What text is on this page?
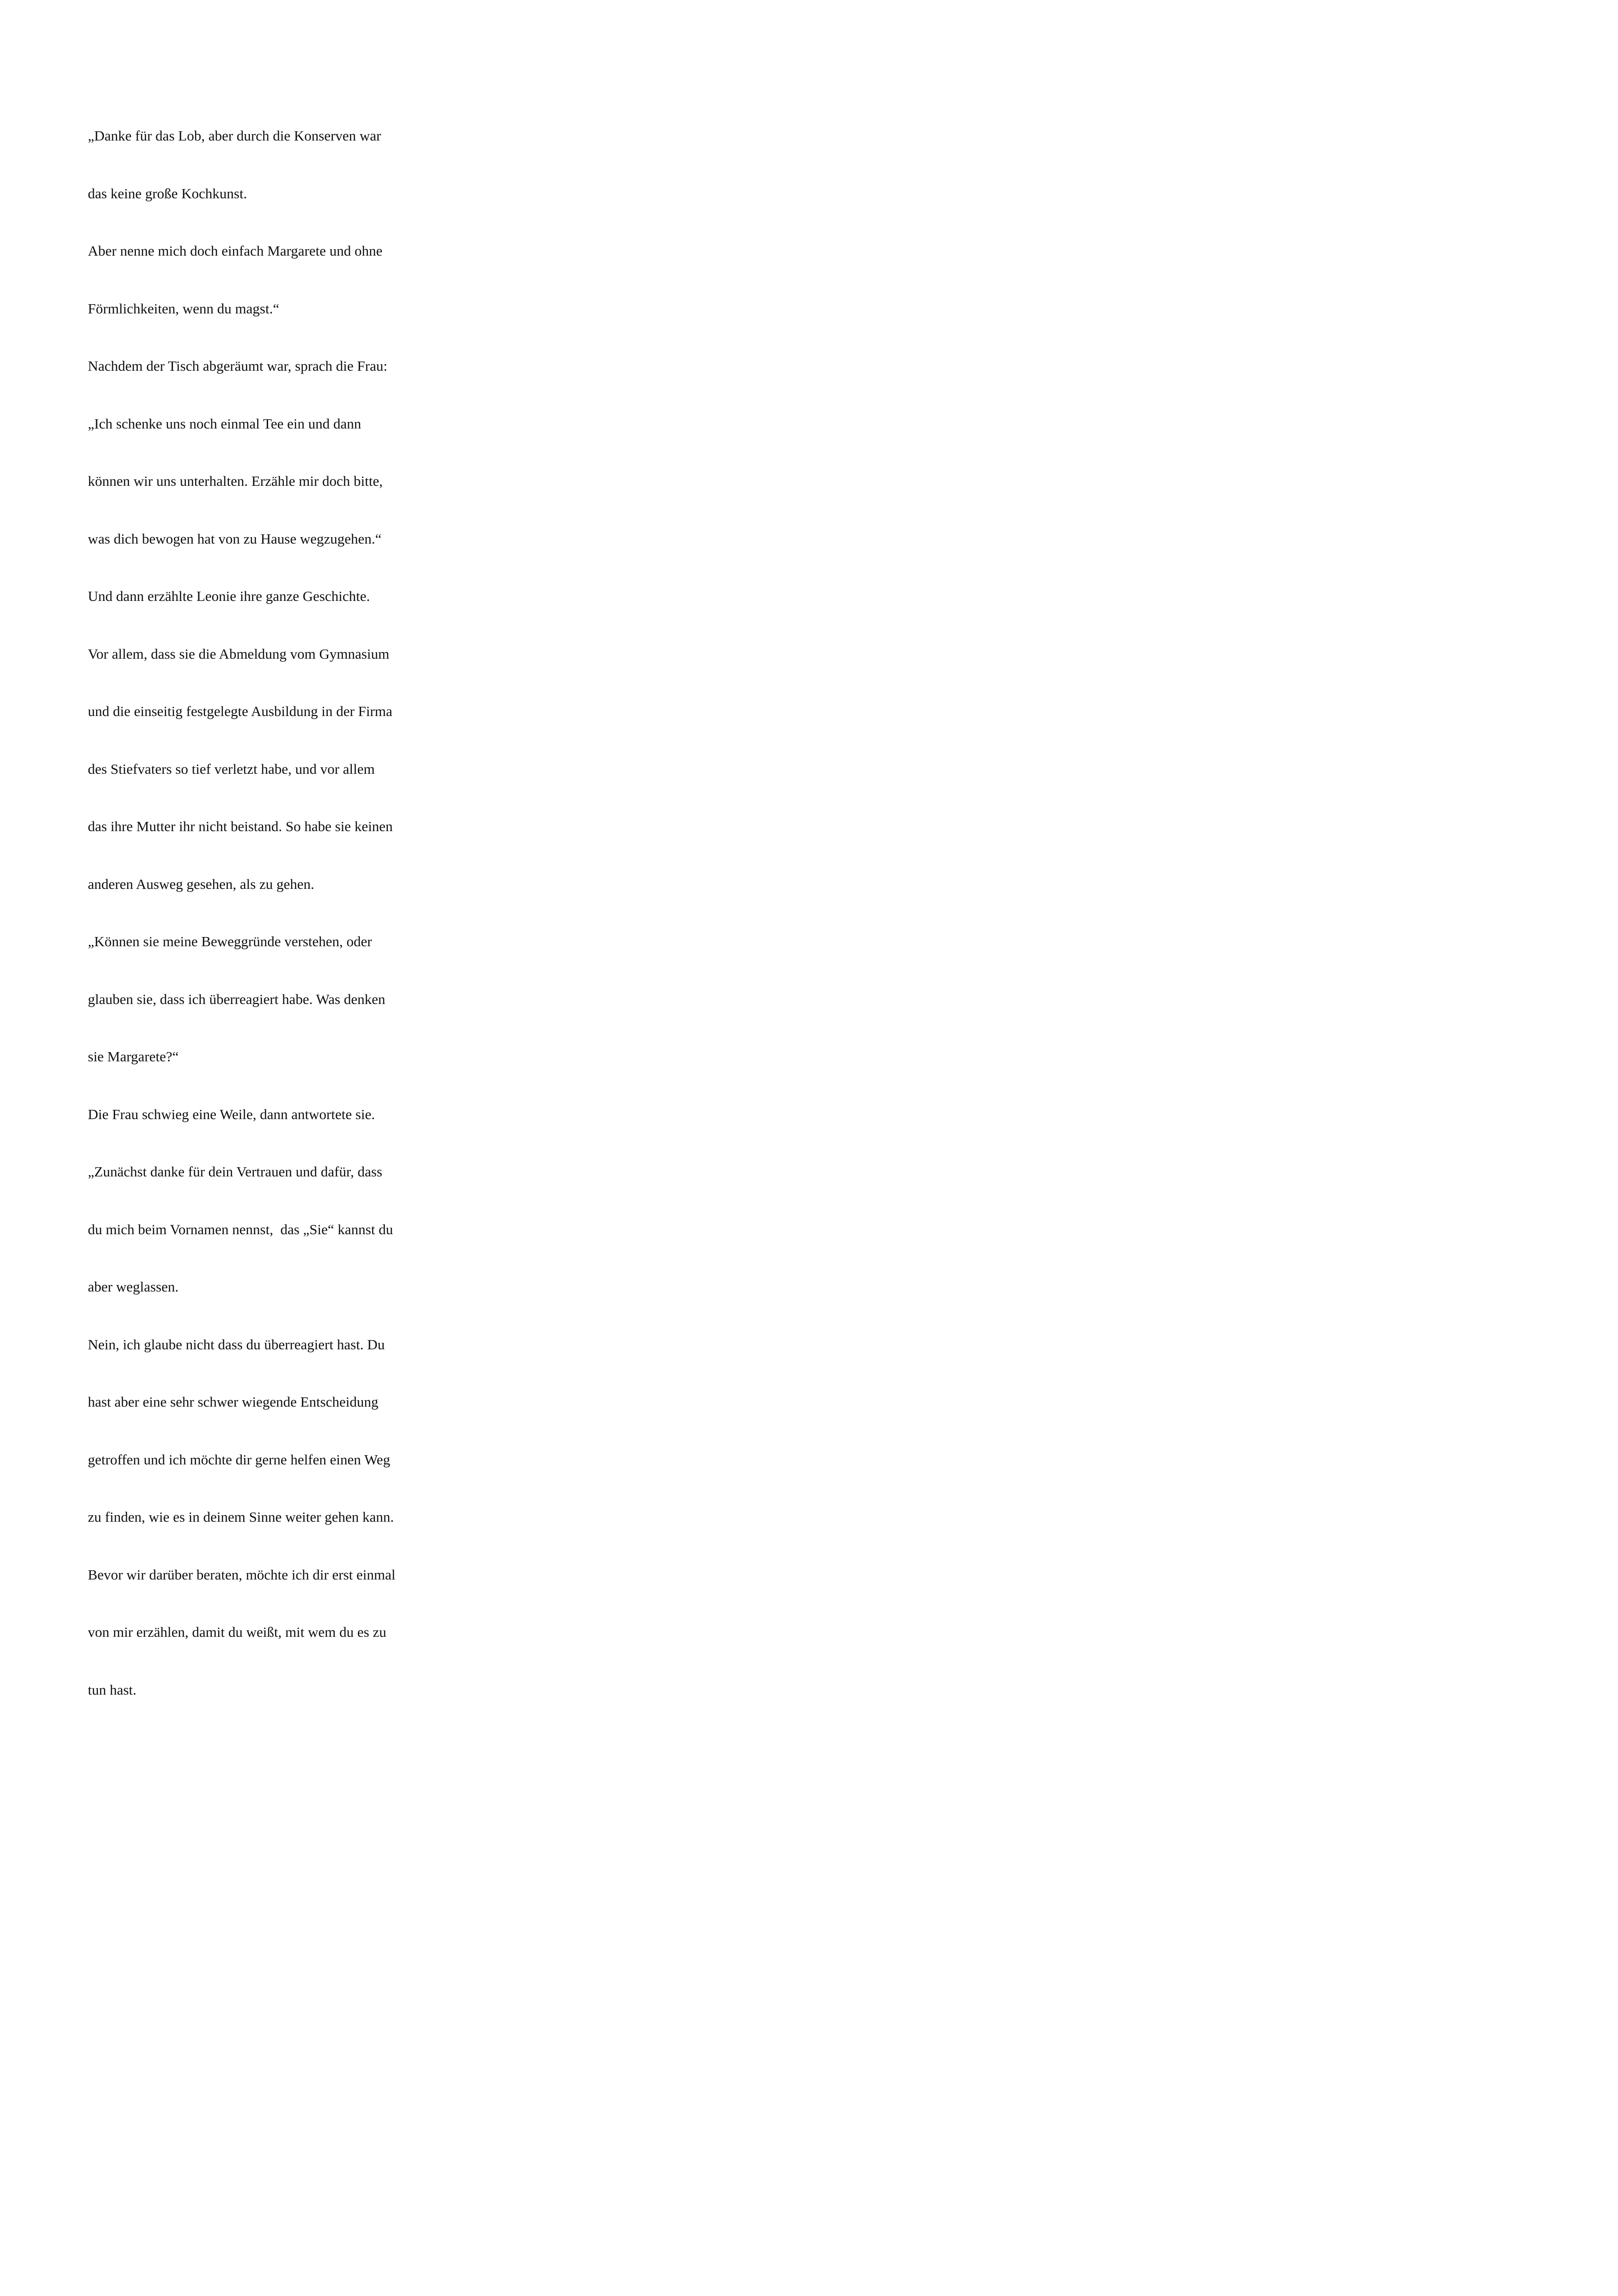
„Danke für das Lob, aber durch die Konserven war

das keine große Kochkunst.

Aber nenne mich doch einfach Margarete und ohne

Förmlichkeiten, wenn du magst.“

Nachdem der Tisch abgeräumt war, sprach die Frau:

„Ich schenke uns noch einmal Tee ein und dann

können wir uns unterhalten. Erzähle mir doch bitte,

was dich bewogen hat von zu Hause wegzugehen.“

Und dann erzählte Leonie ihre ganze Geschichte.

Vor allem, dass sie die Abmeldung vom Gymnasium

und die einseitig festgelegte Ausbildung in der Firma

des Stiefvaters so tief verletzt habe, und vor allem

das ihre Mutter ihr nicht beistand. So habe sie keinen

anderen Ausweg gesehen, als zu gehen.

„Können sie meine Beweggründe verstehen, oder

glauben sie, dass ich überreagiert habe. Was denken

sie Margarete?“

Die Frau schwieg eine Weile, dann antwortete sie.

„Zunächst danke für dein Vertrauen und dafür, dass

du mich beim Vornamen nennst,  das „Sie“ kannst du

aber weglassen.

Nein, ich glaube nicht dass du überreagiert hast. Du

hast aber eine sehr schwer wiegende Entscheidung

getroffen und ich möchte dir gerne helfen einen Weg

zu finden, wie es in deinem Sinne weiter gehen kann.

Bevor wir darüber beraten, möchte ich dir erst einmal

von mir erzählen, damit du weißt, mit wem du es zu

tun hast.
